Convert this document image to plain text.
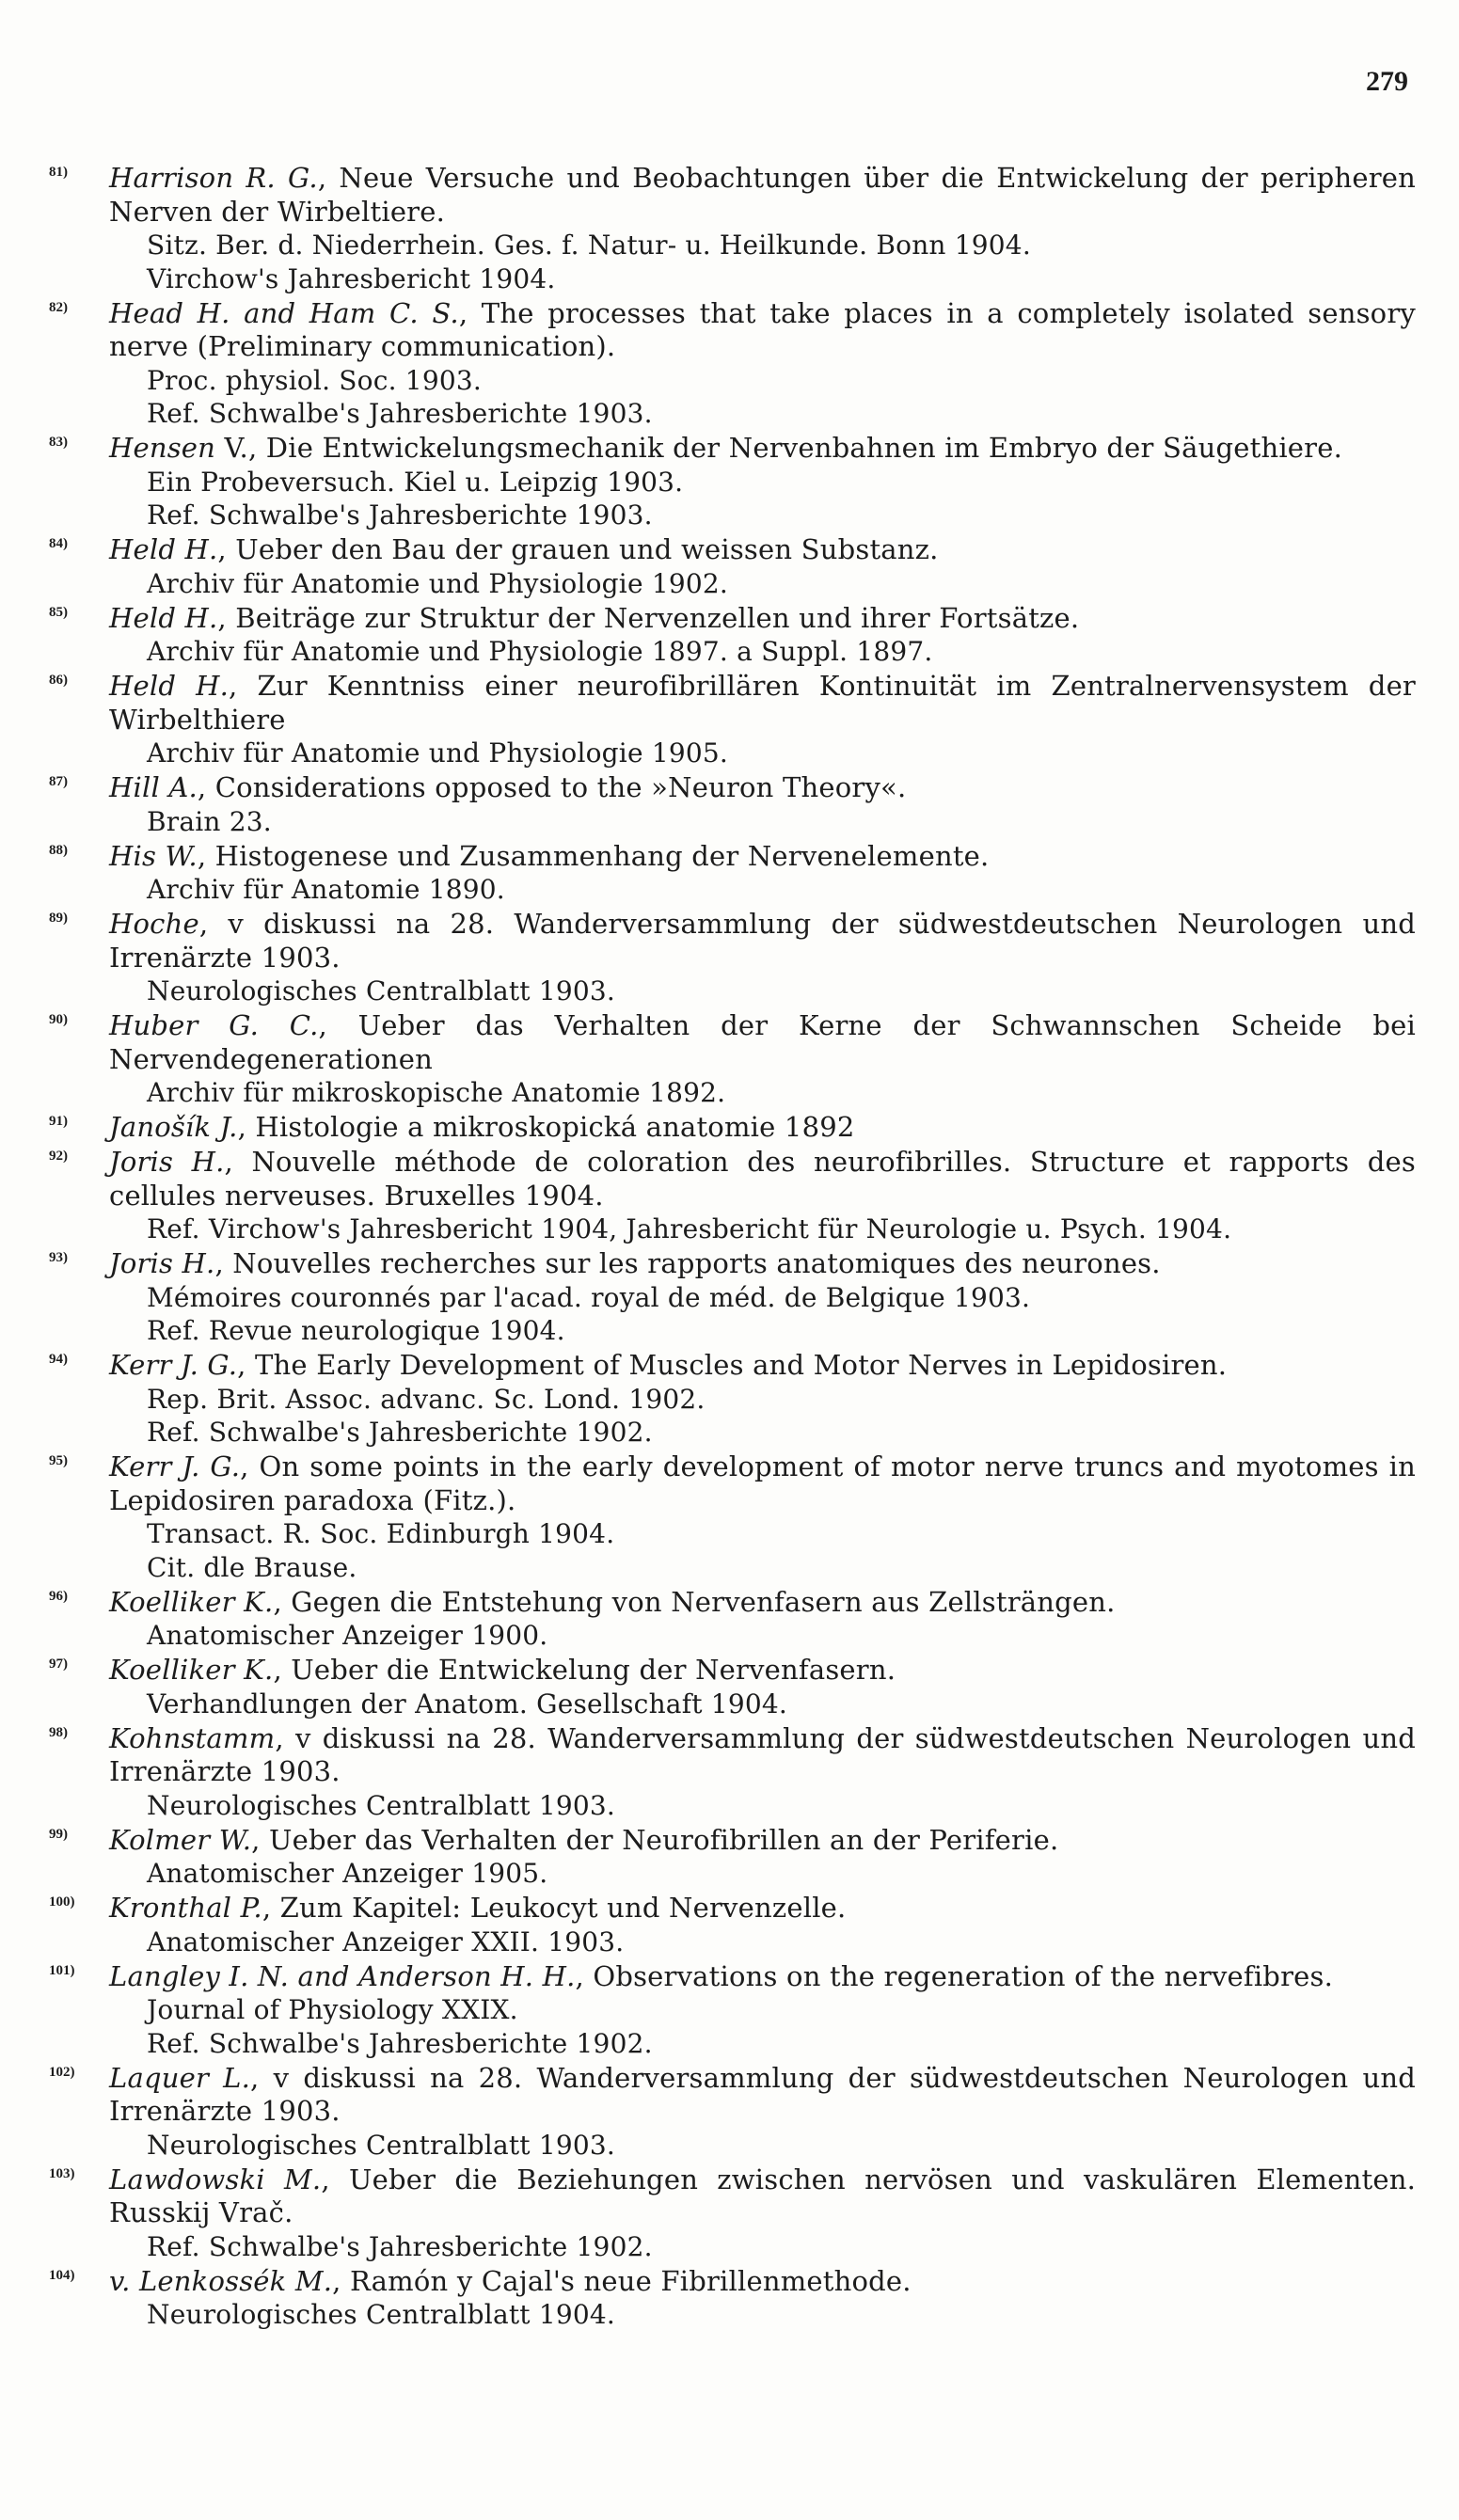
279
81)	Harrison R. G., Neue Versuche und Beobachtungen über die Entwickelung der peripheren Nerven der Wirbeltiere.
Sitz. Ber. d. Niederrhein. Ges. f. Natur- u. Heilkunde. Bonn 1904.
Virchow's Jahresbericht 1904.
82)	Head H. and Ham C. S., The processes that take places in a completely isolated sensory nerve (Preliminary communication).
Proc. physiol. Soc. 1903.
Ref. Schwalbe's Jahresberichte 1903.
83)	Hensen V., Die Entwickelungsmechanik der Nervenbahnen im Embryo der Säugethiere.
Ein Probeversuch. Kiel u. Leipzig 1903.
Ref. Schwalbe's Jahresberichte 1903.
84)	Held H., Ueber den Bau der grauen und weissen Substanz.
Archiv für Anatomie und Physiologie 1902.
85)	Held H., Beiträge zur Struktur der Nervenzellen und ihrer Fortsätze.
Archiv für Anatomie und Physiologie 1897. a Suppl. 1897.
86)	Held H., Zur Kenntniss einer neurofibrillären Kontinuität im Zentralnervensystem der Wirbelthiere
Archiv für Anatomie und Physiologie 1905.
87)	Hill A., Considerations opposed to the »Neuron Theory«.
Brain 23.
88)	His W., Histogenese und Zusammenhang der Nervenelemente.
Archiv für Anatomie 1890.
89)	Hoche, v diskussi na 28. Wanderversammlung der südwestdeutschen Neurologen und Irrenärzte 1903.
Neurologisches Centralblatt 1903.
90)	Huber G. C., Ueber das Verhalten der Kerne der Schwannschen Scheide bei Nervendegenerationen
Archiv für mikroskopische Anatomie 1892.
91)	Janošík J., Histologie a mikroskopická anatomie 1892
92)	Joris H., Nouvelle méthode de coloration des neurofibrilles. Structure et rapports des cellules nerveuses. Bruxelles 1904.
Ref. Virchow's Jahresbericht 1904, Jahresbericht für Neurologie u. Psych. 1904.
93)	Joris H., Nouvelles recherches sur les rapports anatomiques des neurones.
Mémoires couronnés par l'acad. royal de méd. de Belgique 1903.
Ref. Revue neurologique 1904.
94)	Kerr J. G., The Early Development of Muscles and Motor Nerves in Lepidosiren.
Rep. Brit. Assoc. advanc. Sc. Lond. 1902.
Ref. Schwalbe's Jahresberichte 1902.
95)	Kerr J. G., On some points in the early development of motor nerve truncs and myotomes in Lepidosiren paradoxa (Fitz.).
Transact. R. Soc. Edinburgh 1904.
Cit. dle Brause.
96)	Koelliker K., Gegen die Entstehung von Nervenfasern aus Zellsträngen.
Anatomischer Anzeiger 1900.
97)	Koelliker K., Ueber die Entwickelung der Nervenfasern.
Verhandlungen der Anatom. Gesellschaft 1904.
98)	Kohnstamm, v diskussi na 28. Wanderversammlung der südwestdeutschen Neurologen und Irrenärzte 1903.
Neurologisches Centralblatt 1903.
99)	Kolmer W., Ueber das Verhalten der Neurofibrillen an der Periferie.
Anatomischer Anzeiger 1905.
100)	Kronthal P., Zum Kapitel: Leukocyt und Nervenzelle.
Anatomischer Anzeiger XXII. 1903.
101)	Langley I. N. and Anderson H. H., Observations on the regeneration of the nervefibres.
Journal of Physiology XXIX.
Ref. Schwalbe's Jahresberichte 1902.
102)	Laquer L., v diskussi na 28. Wanderversammlung der südwestdeutschen Neurologen und Irrenärzte 1903.
Neurologisches Centralblatt 1903.
103)	Lawdowski M., Ueber die Beziehungen zwischen nervösen und vaskulären Elementen. Russkij Vrač.
Ref. Schwalbe's Jahresberichte 1902.
104)	v. Lenkossék M., Ramón y Cajal's neue Fibrillenmethode.
Neurologisches Centralblatt 1904.
